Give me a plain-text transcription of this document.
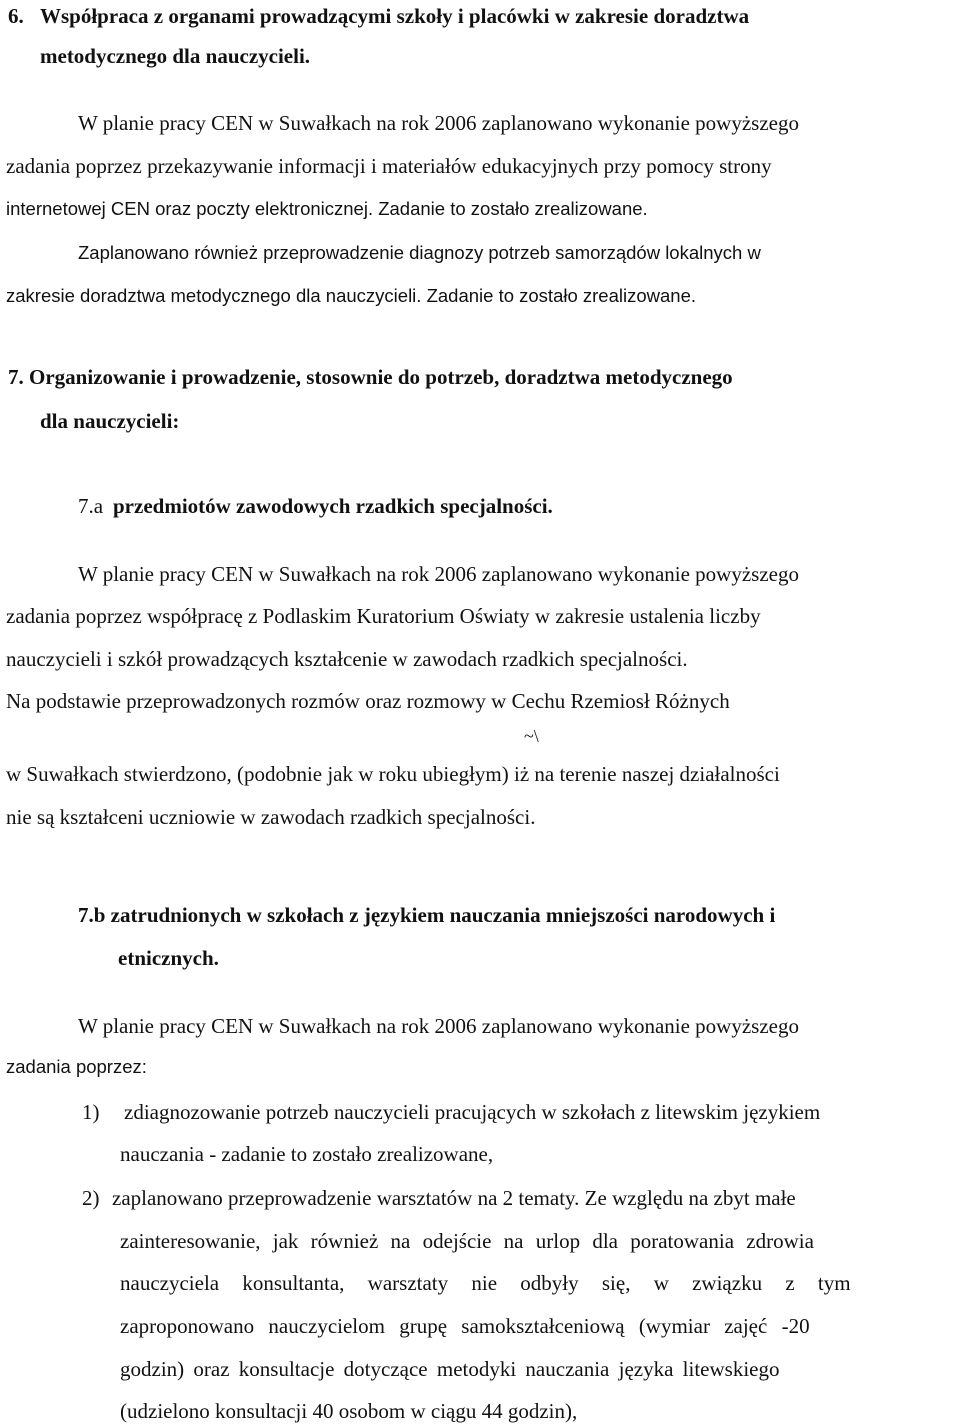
6. Współpraca z organami prowadzącymi szkoły i placówki w zakresie doradztwa
metodycznego dla nauczycieli.
W planie pracy CEN w Suwałkach na rok 2006 zaplanowano wykonanie powyższego
zadania poprzez przekazywanie informacji i materiałów edukacyjnych przy pomocy strony
internetowej CEN oraz poczty elektronicznej. Zadanie to zostało zrealizowane.
Zaplanowano również przeprowadzenie diagnozy potrzeb samorządów lokalnych w
zakresie doradztwa metodycznego dla nauczycieli. Zadanie to zostało zrealizowane.
7. Organizowanie i prowadzenie, stosownie do potrzeb, doradztwa metodycznego
dla nauczycieli:
7.a przedmiotów zawodowych rzadkich specjalności.
W planie pracy CEN w Suwałkach na rok 2006 zaplanowano wykonanie powyższego
zadania poprzez współpracę z Podlaskim Kuratorium Oświaty w zakresie ustalenia liczby
nauczycieli i szkół prowadzących kształcenie w zawodach rzadkich specjalności.
Na podstawie przeprowadzonych rozmów oraz rozmowy w Cechu Rzemiosł Różnych
~\
w Suwałkach stwierdzono, (podobnie jak w roku ubiegłym) iż na terenie naszej działalności
nie są kształceni uczniowie w zawodach rzadkich specjalności.
7.b zatrudnionych w szkołach z językiem nauczania mniejszości narodowych i
etnicznych.
W planie pracy CEN w Suwałkach na rok 2006 zaplanowano wykonanie powyższego
zadania poprzez:
1) zdiagnozowanie potrzeb nauczycieli pracujących w szkołach z litewskim językiem
nauczania - zadanie to zostało zrealizowane,
2) zaplanowano przeprowadzenie warsztatów na 2 tematy. Ze względu na zbyt małe
zainteresowanie, jak również na odejście na urlop dla poratowania zdrowia
nauczyciela konsultanta, warsztaty nie odbyły się, w związku z tym
zaproponowano nauczycielom grupę samokształceniową (wymiar zajęć -20
godzin) oraz konsultacje dotyczące metodyki nauczania języka litewskiego
(udzielono konsultacji 40 osobom w ciągu 44 godzin),
